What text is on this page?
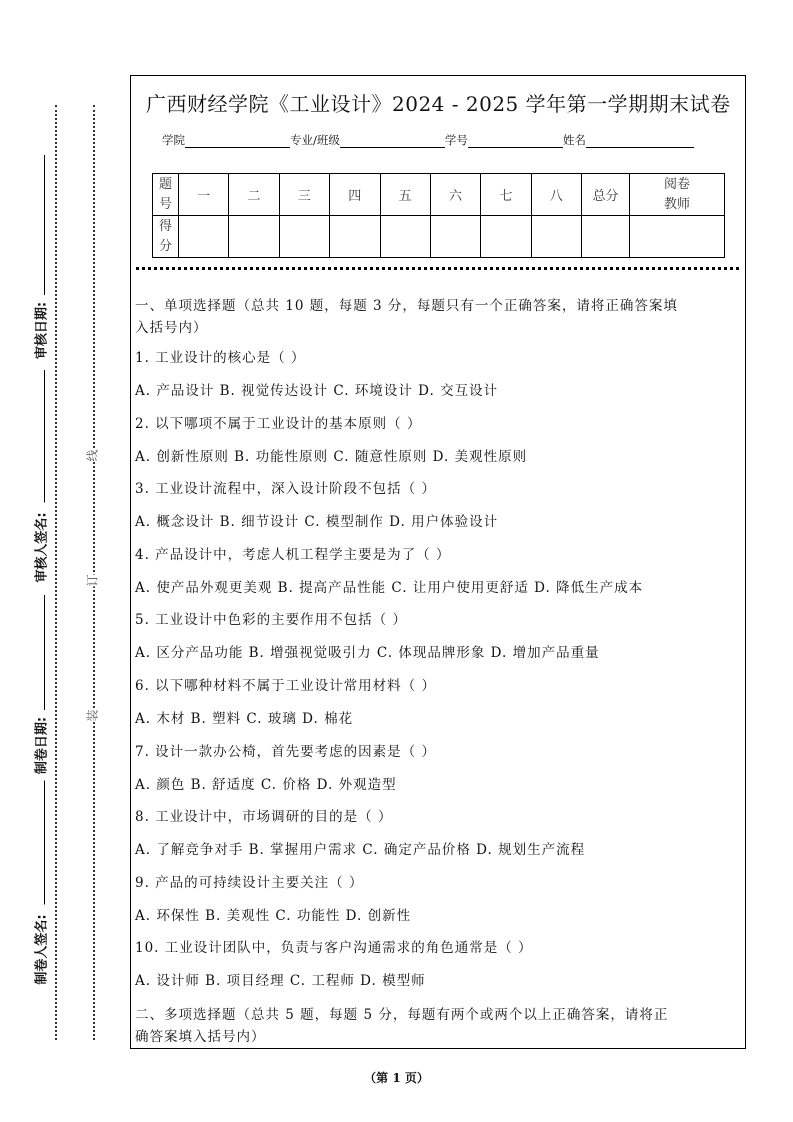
审核日期:
审核人签名:
制卷日期:
制卷人签名:
线
订
装
广西财经学院《工业设计》2024 - 2025 学年第一学期期末试卷
学院	专业/班级	学号	姓名
题号	一	二	三	四	五	六	七	八	总分	阅卷教师
得分										
一、单项选择题（总共 10 题，每题 3 分，每题只有一个正确答案，请将正确答案填
入括号内）
1. 工业设计的核心是（ ）
A. 产品设计 B. 视觉传达设计 C. 环境设计 D. 交互设计
2. 以下哪项不属于工业设计的基本原则（ ）
A. 创新性原则 B. 功能性原则 C. 随意性原则 D. 美观性原则
3. 工业设计流程中，深入设计阶段不包括（ ）
A. 概念设计 B. 细节设计 C. 模型制作 D. 用户体验设计
4. 产品设计中，考虑人机工程学主要是为了（ ）
A. 使产品外观更美观 B. 提高产品性能 C. 让用户使用更舒适 D. 降低生产成本
5. 工业设计中色彩的主要作用不包括（ ）
A. 区分产品功能 B. 增强视觉吸引力 C. 体现品牌形象 D. 增加产品重量
6. 以下哪种材料不属于工业设计常用材料（ ）
A. 木材 B. 塑料 C. 玻璃 D. 棉花
7. 设计一款办公椅，首先要考虑的因素是（ ）
A. 颜色 B. 舒适度 C. 价格 D. 外观造型
8. 工业设计中，市场调研的目的是（ ）
A. 了解竞争对手 B. 掌握用户需求 C. 确定产品价格 D. 规划生产流程
9. 产品的可持续设计主要关注（ ）
A. 环保性 B. 美观性 C. 功能性 D. 创新性
10. 工业设计团队中，负责与客户沟通需求的角色通常是（ ）
A. 设计师 B. 项目经理 C. 工程师 D. 模型师
二、多项选择题（总共 5 题，每题 5 分，每题有两个或两个以上正确答案，请将正
确答案填入括号内）
（第 1 页）
